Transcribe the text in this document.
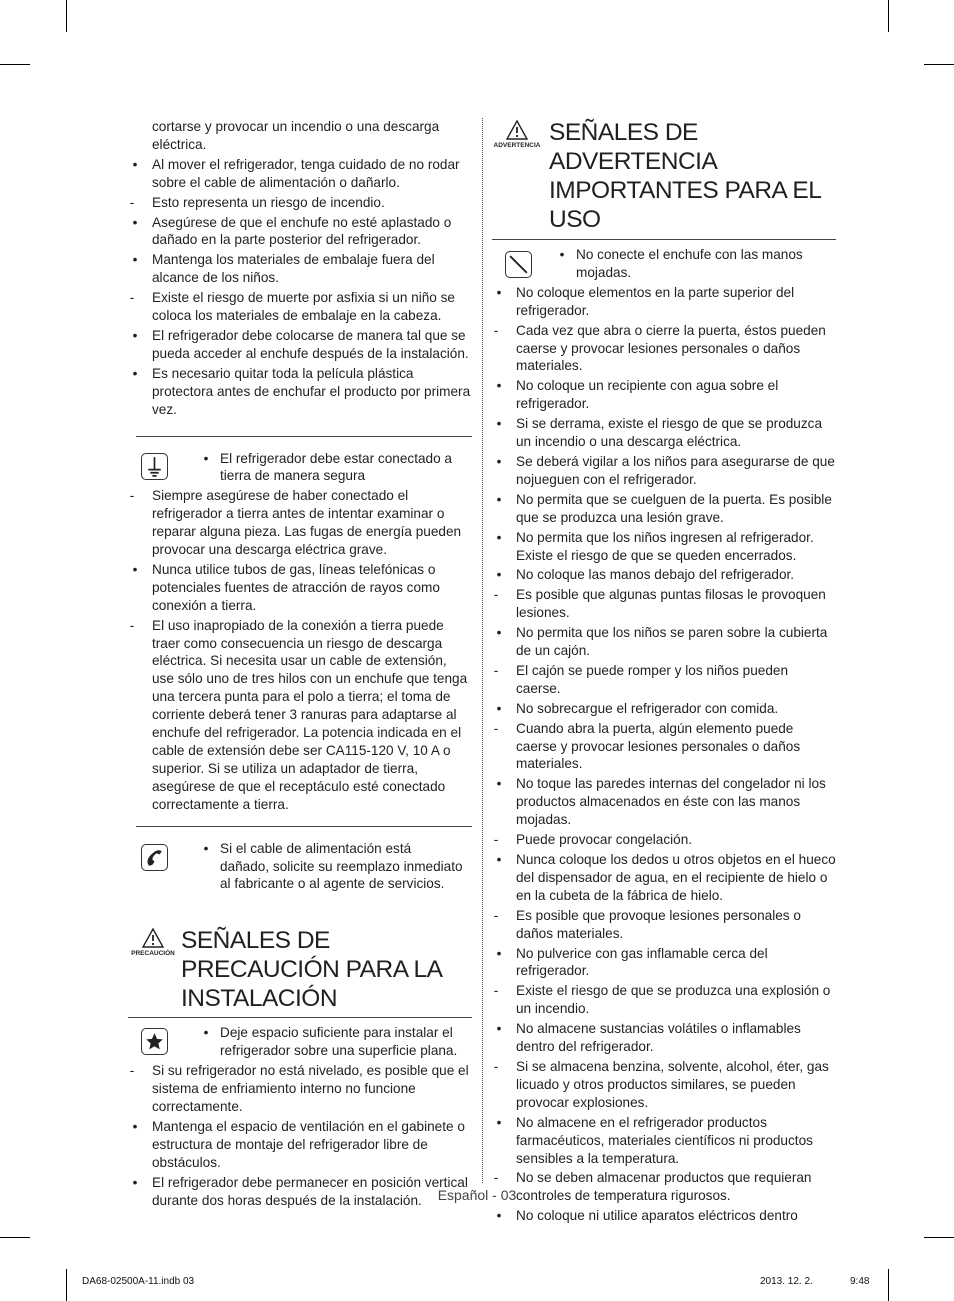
cortarse y provocar un incendio o una descarga eléctrica.
•	Al mover el refrigerador, tenga cuidado de no rodar sobre el cable de alimentación o dañarlo.
-	Esto representa un riesgo de incendio.
•	Asegúrese de que el enchufe no esté aplastado o dañado en la parte posterior del refrigerador.
•	Mantenga los materiales de embalaje fuera del alcance de los niños.
-	Existe el riesgo de muerte por asfixia si un niño se coloca los materiales de embalaje en la cabeza.
•	El refrigerador debe colocarse de manera tal que se pueda acceder al enchufe después de la instalación.
•	Es necesario quitar toda la película plástica protectora antes de enchufar el producto por primera vez.
• El refrigerador debe estar conectado a tierra de manera segura
-	Siempre asegúrese de haber conectado el refrigerador a tierra antes de intentar examinar o reparar alguna pieza. Las fugas de energía pueden provocar una descarga eléctrica grave.
•	Nunca utilice tubos de gas, líneas telefónicas o potenciales fuentes de atracción de rayos como conexión a tierra.
-	El uso inapropiado de la conexión a tierra puede traer como consecuencia un riesgo de descarga eléctrica. Si necesita usar un cable de extensión, use sólo uno de tres hilos con un enchufe que tenga una tercera punta para el polo a tierra; el toma de corriente deberá tener 3 ranuras para adaptarse al enchufe del refrigerador. La potencia indicada en el cable de extensión debe ser CA115-120 V, 10 A o superior. Si se utiliza un adaptador de tierra, asegúrese de que el receptáculo esté conectado correctamente a tierra.
• Si el cable de alimentación está dañado, solicite su reemplazo inmediato al fabricante o al agente de servicios.
PRECAUCIÓN SEÑALES DE PRECAUCIÓN PARA LA INSTALACIÓN
• Deje espacio suficiente para instalar el refrigerador sobre una superficie plana.
-	Si su refrigerador no está nivelado, es posible que el sistema de enfriamiento interno no funcione correctamente.
•	Mantenga el espacio de ventilación en el gabinete o estructura de montaje del refrigerador libre de obstáculos.
•	El refrigerador debe permanecer en posición vertical durante dos horas después de la instalación.
ADVERTENCIA SEÑALES DE ADVERTENCIA IMPORTANTES PARA EL USO
• No conecte el enchufe con las manos mojadas.
•	No coloque elementos en la parte superior del refrigerador.
-	Cada vez que abra o cierre la puerta, éstos pueden caerse y provocar lesiones personales o daños materiales.
•	No coloque un recipiente con agua sobre el refrigerador.
•	Si se derrama, existe el riesgo de que se produzca un incendio o una descarga eléctrica.
•	Se deberá vigilar a los niños para asegurarse de que nojueguen con el refrigerador.
•	No permita que se cuelguen de la puerta. Es posible que se produzca una lesión grave.
•	No permita que los niños ingresen al refrigerador. Existe el riesgo de que se queden encerrados.
•	No coloque las manos debajo del refrigerador.
-	Es posible que algunas puntas filosas le provoquen lesiones.
•	No permita que los niños se paren sobre la cubierta de un cajón.
-	El cajón se puede romper y los niños pueden caerse.
•	No sobrecargue el refrigerador con comida.
-	Cuando abra la puerta, algún elemento puede caerse y provocar lesiones personales o daños materiales.
•	No toque las paredes internas del congelador ni los productos almacenados en éste con las manos mojadas.
-	Puede provocar congelación.
•	Nunca coloque los dedos u otros objetos en el hueco del dispensador de agua, en el recipiente de hielo o en la cubeta de la fábrica de hielo.
-	Es posible que provoque lesiones personales o daños materiales.
•	No pulverice con gas inflamable cerca del refrigerador.
-	Existe el riesgo de que se produzca una explosión o un incendio.
•	No almacene sustancias volátiles o inflamables dentro del refrigerador.
-	Si se almacena benzina, solvente, alcohol, éter, gas licuado y otros productos similares, se pueden provocar explosiones.
•	No almacene en el refrigerador productos farmacéuticos, materiales científicos ni productos sensibles a la temperatura.
-	No se deben almacenar productos que requieran controles de temperatura rigurosos.
•	No coloque ni utilice aparatos eléctricos dentro
Español - 03
DA68-02500A-11.indb 03	2013. 12. 2.	9:48
